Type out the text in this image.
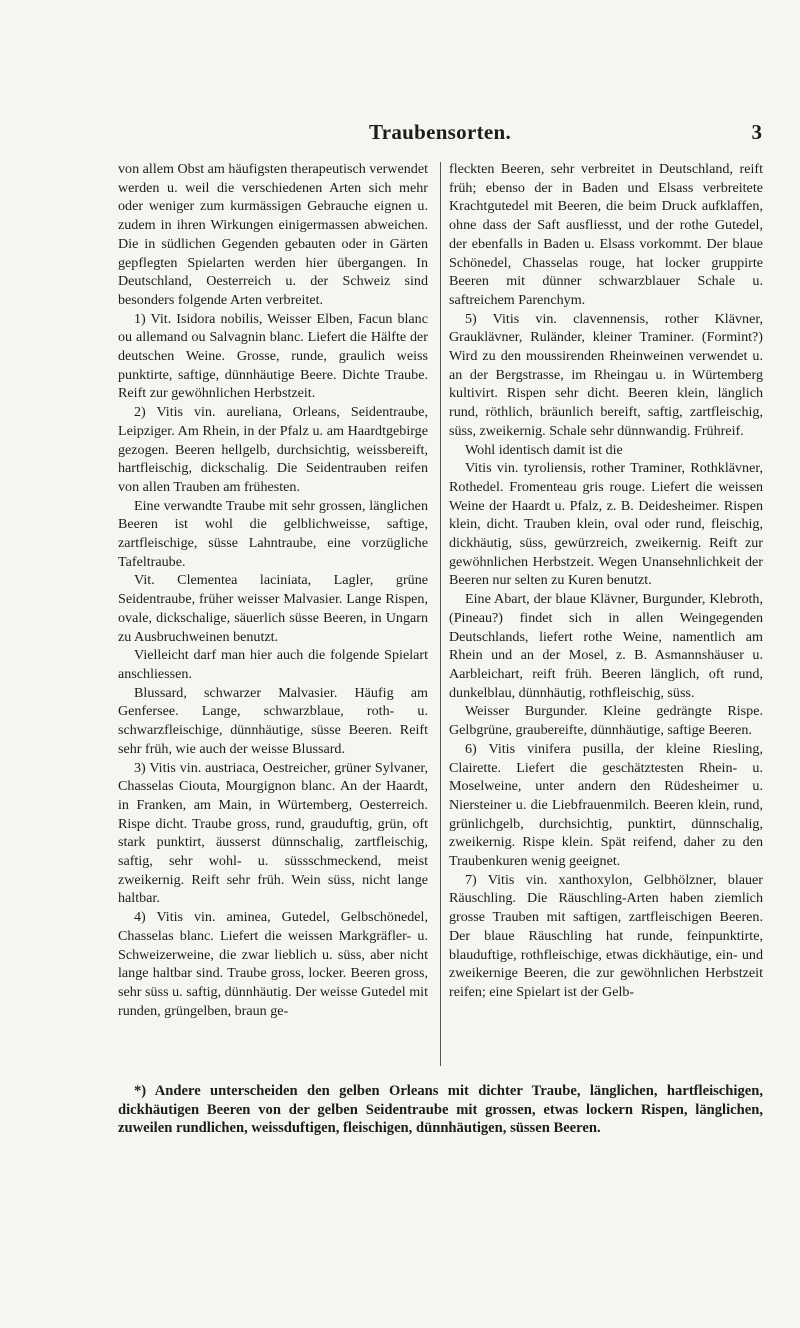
Traubensorten.	3

von allem Obst am häufigsten therapeutisch verwendet werden u. weil die verschiedenen Arten sich mehr oder weniger zum kurmässigen Gebrauche eignen u. zudem in ihren Wirkungen einigermassen abweichen. Die in südlichen Gegenden gebauten oder in Gärten gepflegten Spielarten werden hier übergangen. In Deutschland, Oesterreich u. der Schweiz sind besonders folgende Arten verbreitet.

1) Vit. Isidora nobilis, Weisser Elben, Facun blanc ou allemand ou Salvagnin blanc. Liefert die Hälfte der deutschen Weine. Grosse, runde, graulich weiss punktirte, saftige, dünnhäutige Beere. Dichte Traube. Reift zur gewöhnlichen Herbstzeit.

2) Vitis vin. aureliana, Orleans, Seidentraube, Leipziger. Am Rhein, in der Pfalz u. am Haardtgebirge gezogen. Beeren hellgelb, durchsichtig, weissbereift, hartfleischig, dickschalig. Die Seidentrauben reifen von allen Trauben am frühesten.

Eine verwandte Traube mit sehr grossen, länglichen Beeren ist wohl die gelblichweisse, saftige, zartfleischige, süsse Lahntraube, eine vorzügliche Tafeltraube.

Vit. Clementea laciniata, Lagler, grüne Seidentraube, früher weisser Malvasier. Lange Rispen, ovale, dickschalige, säuerlich süsse Beeren, in Ungarn zu Ausbruchweinen benutzt.

Vielleicht darf man hier auch die folgende Spielart anschliessen.

Blussard, schwarzer Malvasier. Häufig am Genfersee. Lange, schwarzblaue, roth- u. schwarzfleischige, dünnhäutige, süsse Beeren. Reift sehr früh, wie auch der weisse Blussard.

3) Vitis vin. austriaca, Oestreicher, grüner Sylvaner, Chasselas Ciouta, Mourgignon blanc. An der Haardt, in Franken, am Main, in Würtemberg, Oesterreich. Rispe dicht. Traube gross, rund, grauduftig, grün, oft stark punktirt, äusserst dünnschalig, zartfleischig, saftig, sehr wohl- u. süssschmeckend, meist zweikernig. Reift sehr früh. Wein süss, nicht lange haltbar.

4) Vitis vin. aminea, Gutedel, Gelbschönedel, Chasselas blanc. Liefert die weissen Markgräfler- u. Schweizerweine, die zwar lieblich u. süss, aber nicht lange haltbar sind. Traube gross, locker. Beeren gross, sehr süss u. saftig, dünnhäutig. Der weisse Gutedel mit runden, grüngelben, braun ge-

fleckten Beeren, sehr verbreitet in Deutschland, reift früh; ebenso der in Baden und Elsass verbreitete Krachtgutedel mit Beeren, die beim Druck aufklaffen, ohne dass der Saft ausfliesst, und der rothe Gutedel, der ebenfalls in Baden u. Elsass vorkommt. Der blaue Schönedel, Chasselas rouge, hat locker gruppirte Beeren mit dünner schwarzblauer Schale u. saftreichem Parenchym.

5) Vitis vin. clavennensis, rother Klävner, Grauklävner, Ruländer, kleiner Traminer. (Formint?) Wird zu den moussirenden Rheinweinen verwendet u. an der Bergstrasse, im Rheingau u. in Würtemberg kultivirt. Rispen sehr dicht. Beeren klein, länglich rund, röthlich, bräunlich bereift, saftig, zartfleischig, süss, zweikernig. Schale sehr dünnwandig. Frühreif.

Wohl identisch damit ist die

Vitis vin. tyroliensis, rother Traminer, Rothklävner, Rothedel. Fromenteau gris rouge. Liefert die weissen Weine der Haardt u. Pfalz, z. B. Deidesheimer. Rispen klein, dicht. Trauben klein, oval oder rund, fleischig, dickhäutig, süss, gewürzreich, zweikernig. Reift zur gewöhnlichen Herbstzeit. Wegen Unansehnlichkeit der Beeren nur selten zu Kuren benutzt.

Eine Abart, der blaue Klävner, Burgunder, Klebroth, (Pineau?) findet sich in allen Weingegenden Deutschlands, liefert rothe Weine, namentlich am Rhein und an der Mosel, z. B. Asmannshäuser u. Aarbleichart, reift früh. Beeren länglich, oft rund, dunkelblau, dünnhäutig, rothfleischig, süss.

Weisser Burgunder. Kleine gedrängte Rispe. Gelbgrüne, graubereifte, dünnhäutige, saftige Beeren.

6) Vitis vinifera pusilla, der kleine Riesling, Clairette. Liefert die geschätztesten Rhein- u. Moselweine, unter andern den Rüdesheimer u. Niersteiner u. die Liebfrauenmilch. Beeren klein, rund, grünlichgelb, durchsichtig, punktirt, dünnschalig, zweikernig. Rispe klein. Spät reifend, daher zu den Traubenkuren wenig geeignet.

7) Vitis vin. xanthoxylon, Gelbhölzner, blauer Räuschling. Die Räuschling-Arten haben ziemlich grosse Trauben mit saftigen, zartfleischigen Beeren. Der blaue Räuschling hat runde, feinpunktirte, blauduftige, rothfleischige, etwas dickhäutige, ein- und zweikernige Beeren, die zur gewöhnlichen Herbstzeit reifen; eine Spielart ist der Gelb-

*) Andere unterscheiden den gelben Orleans mit dichter Traube, länglichen, hartfleischigen, dickhäutigen Beeren von der gelben Seidentraube mit grossen, etwas lockern Rispen, länglichen, zuweilen rundlichen, weissduftigen, fleischigen, dünnhäutigen, süssen Beeren.
